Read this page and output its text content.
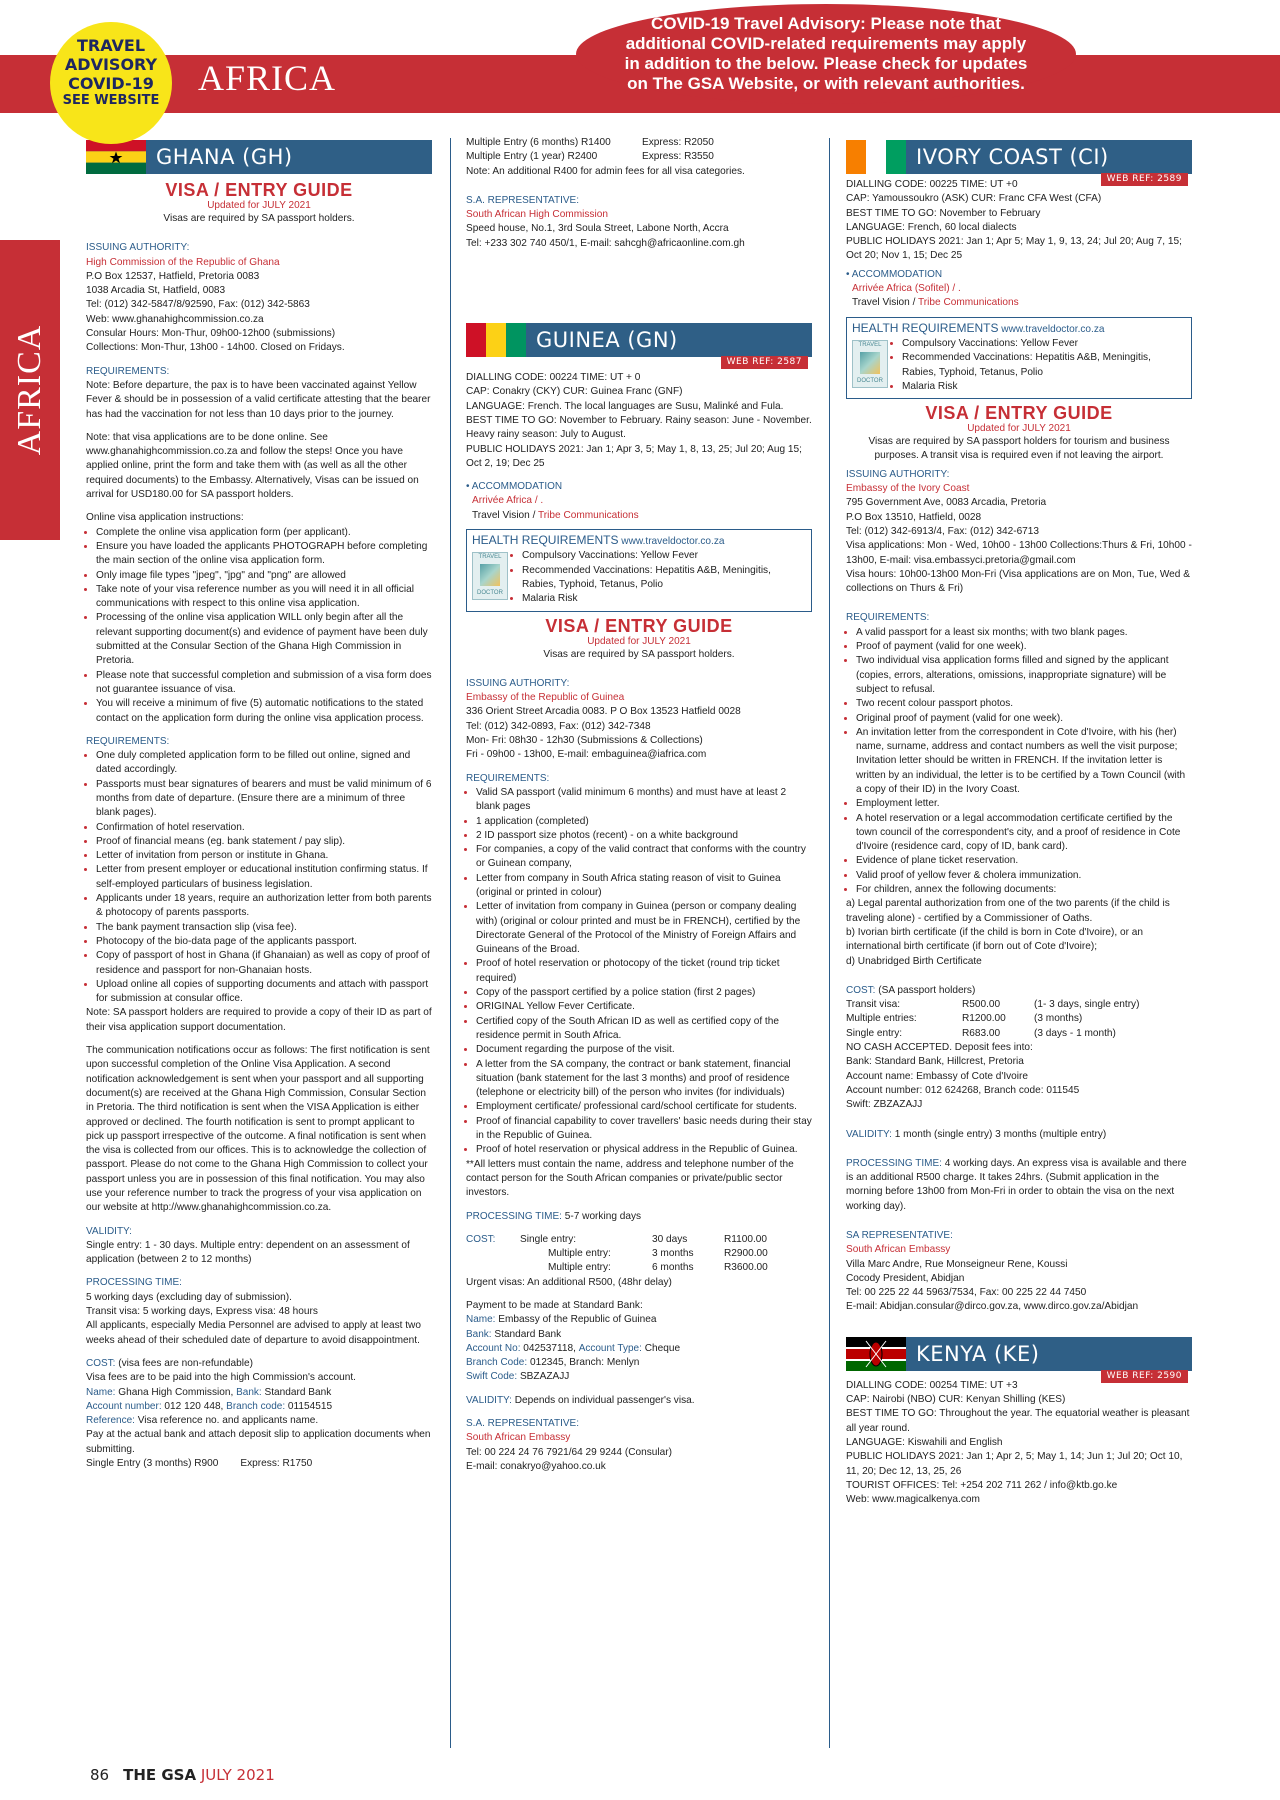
AFRICA
TRAVEL
ADVISORY
COVID-19
SEE WEBSITE
COVID-19 Travel Advisory: Please note that
additional COVID-related requirements may apply
in addition to the below. Please check for updates
on The GSA Website, or with relevant authorities.
AFRICA
GHANA (GH)
VISA / ENTRY GUIDE
Updated for JULY 2021
Visas are required by SA passport holders.

ISSUING AUTHORITY:

High Commission of the Republic of Ghana

P.O Box 12537, Hatfield, Pretoria 0083

1038 Arcadia St, Hatfield, 0083

Tel: (012) 342-5847/8/92590, Fax: (012) 342-5863

Web: www.ghanahighcommission.co.za

Consular Hours: Mon-Thur, 09h00-12h00 (submissions)

Collections: Mon-Thur, 13h00 - 14h00. Closed on Fridays.

REQUIREMENTS:

Note: Before departure, the pax is to have been vaccinated against Yellow Fever & should be in possession of a valid certificate attesting that the bearer has had the vaccination for not less than 10 days prior to the journey.

Note: that visa applications are to be done online. See www.ghanahighcommission.co.za and follow the steps! Once you have applied online, print the form and take them with (as well as all the other required documents) to the Embassy. Alternatively, Visas can be issued on arrival for USD180.00 for SA passport holders.

Online visa application instructions:

• Complete the online visa application form (per applicant).
• Ensure you have loaded the applicants PHOTOGRAPH before completing the main section of the online visa application form.
• Only image file types "jpeg", "jpg" and "png" are allowed
• Take note of your visa reference number as you will need it in all official communications with respect to this online visa application.
• Processing of the online visa application WILL only begin after all the relevant supporting document(s) and evidence of payment have been duly submitted at the Consular Section of the Ghana High Commission in Pretoria.
• Please note that successful completion and submission of a visa form does not guarantee issuance of visa.
• You will receive a minimum of five (5) automatic notifications to the stated contact on the application form during the online visa application process.

REQUIREMENTS:

• One duly completed application form to be filled out online, signed and dated accordingly.
• Passports must bear signatures of bearers and must be valid minimum of 6 months from date of departure. (Ensure there are a minimum of three blank pages).
• Confirmation of hotel reservation.
• Proof of financial means (eg. bank statement / pay slip).
• Letter of invitation from person or institute in Ghana.
• Letter from present employer or educational institution confirming status. If self-employed particulars of business legislation.
• Applicants under 18 years, require an authorization letter from both parents & photocopy of parents passports.
• The bank payment transaction slip (visa fee).
• Photocopy of the bio-data page of the applicants passport.
• Copy of passport of host in Ghana (if Ghanaian) as well as copy of proof of residence and passport for non-Ghanaian hosts.
• Upload online all copies of supporting documents and attach with passport for submission at consular office.

Note: SA passport holders are required to provide a copy of their ID as part of their visa application support documentation.

The communication notifications occur as follows: The first notification is sent upon successful completion of the Online Visa Application. A second notification acknowledgement is sent when your passport and all supporting document(s) are received at the Ghana High Commission, Consular Section in Pretoria. The third notification is sent when the VISA Application is either approved or declined. The fourth notification is sent to prompt applicant to pick up passport irrespective of the outcome. A final notification is sent when the visa is collected from our offices. This is to acknowledge the collection of passport. Please do not come to the Ghana High Commission to collect your passport unless you are in possession of this final notification. You may also use your reference number to track the progress of your visa application on our website at http://www.ghanahighcommission.co.za.

VALIDITY:

Single entry: 1 - 30 days. Multiple entry: dependent on an assessment of application (between 2 to 12 months)

PROCESSING TIME:

5 working days (excluding day of submission).

Transit visa: 5 working days, Express visa: 48 hours

All applicants, especially Media Personnel are advised to apply at least two weeks ahead of their scheduled date of departure to avoid disappointment.

COST: (visa fees are non-refundable)

Visa fees are to be paid into the high Commission's account.

Name: Ghana High Commission, Bank: Standard Bank

Account number: 012 120 448, Branch code: 01154515

Reference: Visa reference no. and applicants name.

Pay at the actual bank and attach deposit slip to application documents when submitting.

Single Entry (3 months) R900 Express: R1750

Multiple Entry (6 months) R1400	Express: R2050
Multiple Entry (1 year) R2400	Express: R3550

Note: An additional R400 for admin fees for all visa categories.

S.A. REPRESENTATIVE:

South African High Commission

Speed house, No.1, 3rd Soula Street, Labone North, Accra

Tel: +233 302 740 450/1, E-mail: sahcgh@africaonline.com.gh

GUINEA (GN)
WEB REF: 2587

DIALLING CODE: 00224 TIME: UT + 0

CAP: Conakry (CKY) CUR: Guinea Franc (GNF)

LANGUAGE: French. The local languages are Susu, Malinké and Fula.

BEST TIME TO GO: November to February. Rainy season: June - November. Heavy rainy season: July to August.

PUBLIC HOLIDAYS 2021: Jan 1; Apr 3, 5; May 1, 8, 13, 25; Jul 20; Aug 15; Oct 2, 19; Dec 25

• ACCOMMODATION

Arrivée Africa / .

Travel Vision / Tribe Communications

HEALTH REQUIREMENTS www.traveldoctor.co.za
TRAVEL
DOCTOR
• Compulsory Vaccinations: Yellow Fever
• Recommended Vaccinations: Hepatitis A&B, Meningitis, Rabies, Typhoid, Tetanus, Polio
• Malaria Risk
VISA / ENTRY GUIDE
Updated for JULY 2021
Visas are required by SA passport holders.

ISSUING AUTHORITY:

Embassy of the Republic of Guinea

336 Orient Street Arcadia 0083. P O Box 13523 Hatfield 0028

Tel: (012) 342-0893, Fax: (012) 342-7348

Mon- Fri: 08h30 - 12h30 (Submissions & Collections)

Fri - 09h00 - 13h00, E-mail: embaguinea@iafrica.com

REQUIREMENTS:

• Valid SA passport (valid minimum 6 months) and must have at least 2 blank pages
• 1 application (completed)
• 2 ID passport size photos (recent) - on a white background
• For companies, a copy of the valid contract that conforms with the country or Guinean company,
• Letter from company in South Africa stating reason of visit to Guinea (original or printed in colour)
• Letter of invitation from company in Guinea (person or company dealing with) (original or colour printed and must be in FRENCH), certified by the Directorate General of the Protocol of the Ministry of Foreign Affairs and Guineans of the Broad.
• Proof of hotel reservation or photocopy of the ticket (round trip ticket required)
• Copy of the passport certified by a police station (first 2 pages)
• ORIGINAL Yellow Fever Certificate.
• Certified copy of the South African ID as well as certified copy of the residence permit in South Africa.
• Document regarding the purpose of the visit.
• A letter from the SA company, the contract or bank statement, financial situation (bank statement for the last 3 months) and proof of residence (telephone or electricity bill) of the person who invites (for individuals)
• Employment certificate/ professional card/school certificate for students.
• Proof of financial capability to cover travellers' basic needs during their stay in the Republic of Guinea.
• Proof of hotel reservation or physical address in the Republic of Guinea.

**All letters must contain the name, address and telephone number of the contact person for the South African companies or private/public sector investors.

PROCESSING TIME: 5-7 working days

COST:	Single entry:	30 days	R1100.00
Multiple entry:	3 months	R2900.00
Multiple entry:	6 months	R3600.00

Urgent visas: An additional R500, (48hr delay)

Payment to be made at Standard Bank:

Name: Embassy of the Republic of Guinea

Bank: Standard Bank

Account No: 042537118, Account Type: Cheque

Branch Code: 012345, Branch: Menlyn

Swift Code: SBZAZAJJ

VALIDITY: Depends on individual passenger's visa.

S.A. REPRESENTATIVE:

South African Embassy

Tel: 00 224 24 76 7921/64 29 9244 (Consular)

E-mail: conakryo@yahoo.co.uk

IVORY COAST (CI)
WEB REF: 2589

DIALLING CODE: 00225 TIME: UT +0

CAP: Yamoussoukro (ASK) CUR: Franc CFA West (CFA)

BEST TIME TO GO: November to February

LANGUAGE: French, 60 local dialects

PUBLIC HOLIDAYS 2021: Jan 1; Apr 5; May 1, 9, 13, 24; Jul 20; Aug 7, 15; Oct 20; Nov 1, 15; Dec 25

• ACCOMMODATION

Arrivée Africa (Sofitel) / .

Travel Vision / Tribe Communications

HEALTH REQUIREMENTS www.traveldoctor.co.za
TRAVEL
DOCTOR
• Compulsory Vaccinations: Yellow Fever
• Recommended Vaccinations: Hepatitis A&B, Meningitis, Rabies, Typhoid, Tetanus, Polio
• Malaria Risk
VISA / ENTRY GUIDE
Updated for JULY 2021
Visas are required by SA passport holders for tourism and business purposes. A transit visa is required even if not leaving the airport.

ISSUING AUTHORITY:

Embassy of the Ivory Coast

795 Government Ave, 0083 Arcadia, Pretoria

P.O Box 13510, Hatfield, 0028

Tel: (012) 342-6913/4, Fax: (012) 342-6713

Visa applications: Mon - Wed, 10h00 - 13h00 Collections:Thurs & Fri, 10h00 - 13h00, E-mail: visa.embassyci.pretoria@gmail.com

Visa hours: 10h00-13h00 Mon-Fri (Visa applications are on Mon, Tue, Wed & collections on Thurs & Fri)

REQUIREMENTS:

• A valid passport for a least six months; with two blank pages.
• Proof of payment (valid for one week).
• Two individual visa application forms filled and signed by the applicant (copies, errors, alterations, omissions, inappropriate signature) will be subject to refusal.
• Two recent colour passport photos.
• Original proof of payment (valid for one week).
• An invitation letter from the correspondent in Cote d'Ivoire, with his (her) name, surname, address and contact numbers as well the visit purpose; Invitation letter should be written in FRENCH. If the invitation letter is written by an individual, the letter is to be certified by a Town Council (with a copy of their ID) in the Ivory Coast.
• Employment letter.
• A hotel reservation or a legal accommodation certificate certified by the town council of the correspondent's city, and a proof of residence in Cote d'Ivoire (residence card, copy of ID, bank card).
• Evidence of plane ticket reservation.
• Valid proof of yellow fever & cholera immunization.
• For children, annex the following documents:

a) Legal parental authorization from one of the two parents (if the child is traveling alone) - certified by a Commissioner of Oaths.

b) Ivorian birth certificate (if the child is born in Cote d'Ivoire), or an international birth certificate (if born out of Cote d'Ivoire);

d) Unabridged Birth Certificate

COST: (SA passport holders)

Transit visa:	R500.00	(1- 3 days, single entry)
Multiple entries:	R1200.00	(3 months)
Single entry:	R683.00	(3 days - 1 month)

NO CASH ACCEPTED. Deposit fees into:

Bank: Standard Bank, Hillcrest, Pretoria

Account name: Embassy of Cote d'Ivoire

Account number: 012 624268, Branch code: 011545

Swift: ZBZAZAJJ

VALIDITY: 1 month (single entry) 3 months (multiple entry)

PROCESSING TIME: 4 working days. An express visa is available and there is an additional R500 charge. It takes 24hrs. (Submit application in the morning before 13h00 from Mon-Fri in order to obtain the visa on the next working day).

SA REPRESENTATIVE:

South African Embassy

Villa Marc Andre, Rue Monseigneur Rene, Koussi

Cocody President, Abidjan

Tel: 00 225 22 44 5963/7534, Fax: 00 225 22 44 7450

E-mail: Abidjan.consular@dirco.gov.za, www.dirco.gov.za/Abidjan

KENYA (KE)
WEB REF: 2590

DIALLING CODE: 00254 TIME: UT +3

CAP: Nairobi (NBO) CUR: Kenyan Shilling (KES)

BEST TIME TO GO: Throughout the year. The equatorial weather is pleasant all year round.

LANGUAGE: Kiswahili and English

PUBLIC HOLIDAYS 2021: Jan 1; Apr 2, 5; May 1, 14; Jun 1; Jul 20; Oct 10, 11, 20; Dec 12, 13, 25, 26

TOURIST OFFICES: Tel: +254 202 711 262 / info@ktb.go.ke

Web: www.magicalkenya.com

86 THE GSA JULY 2021
